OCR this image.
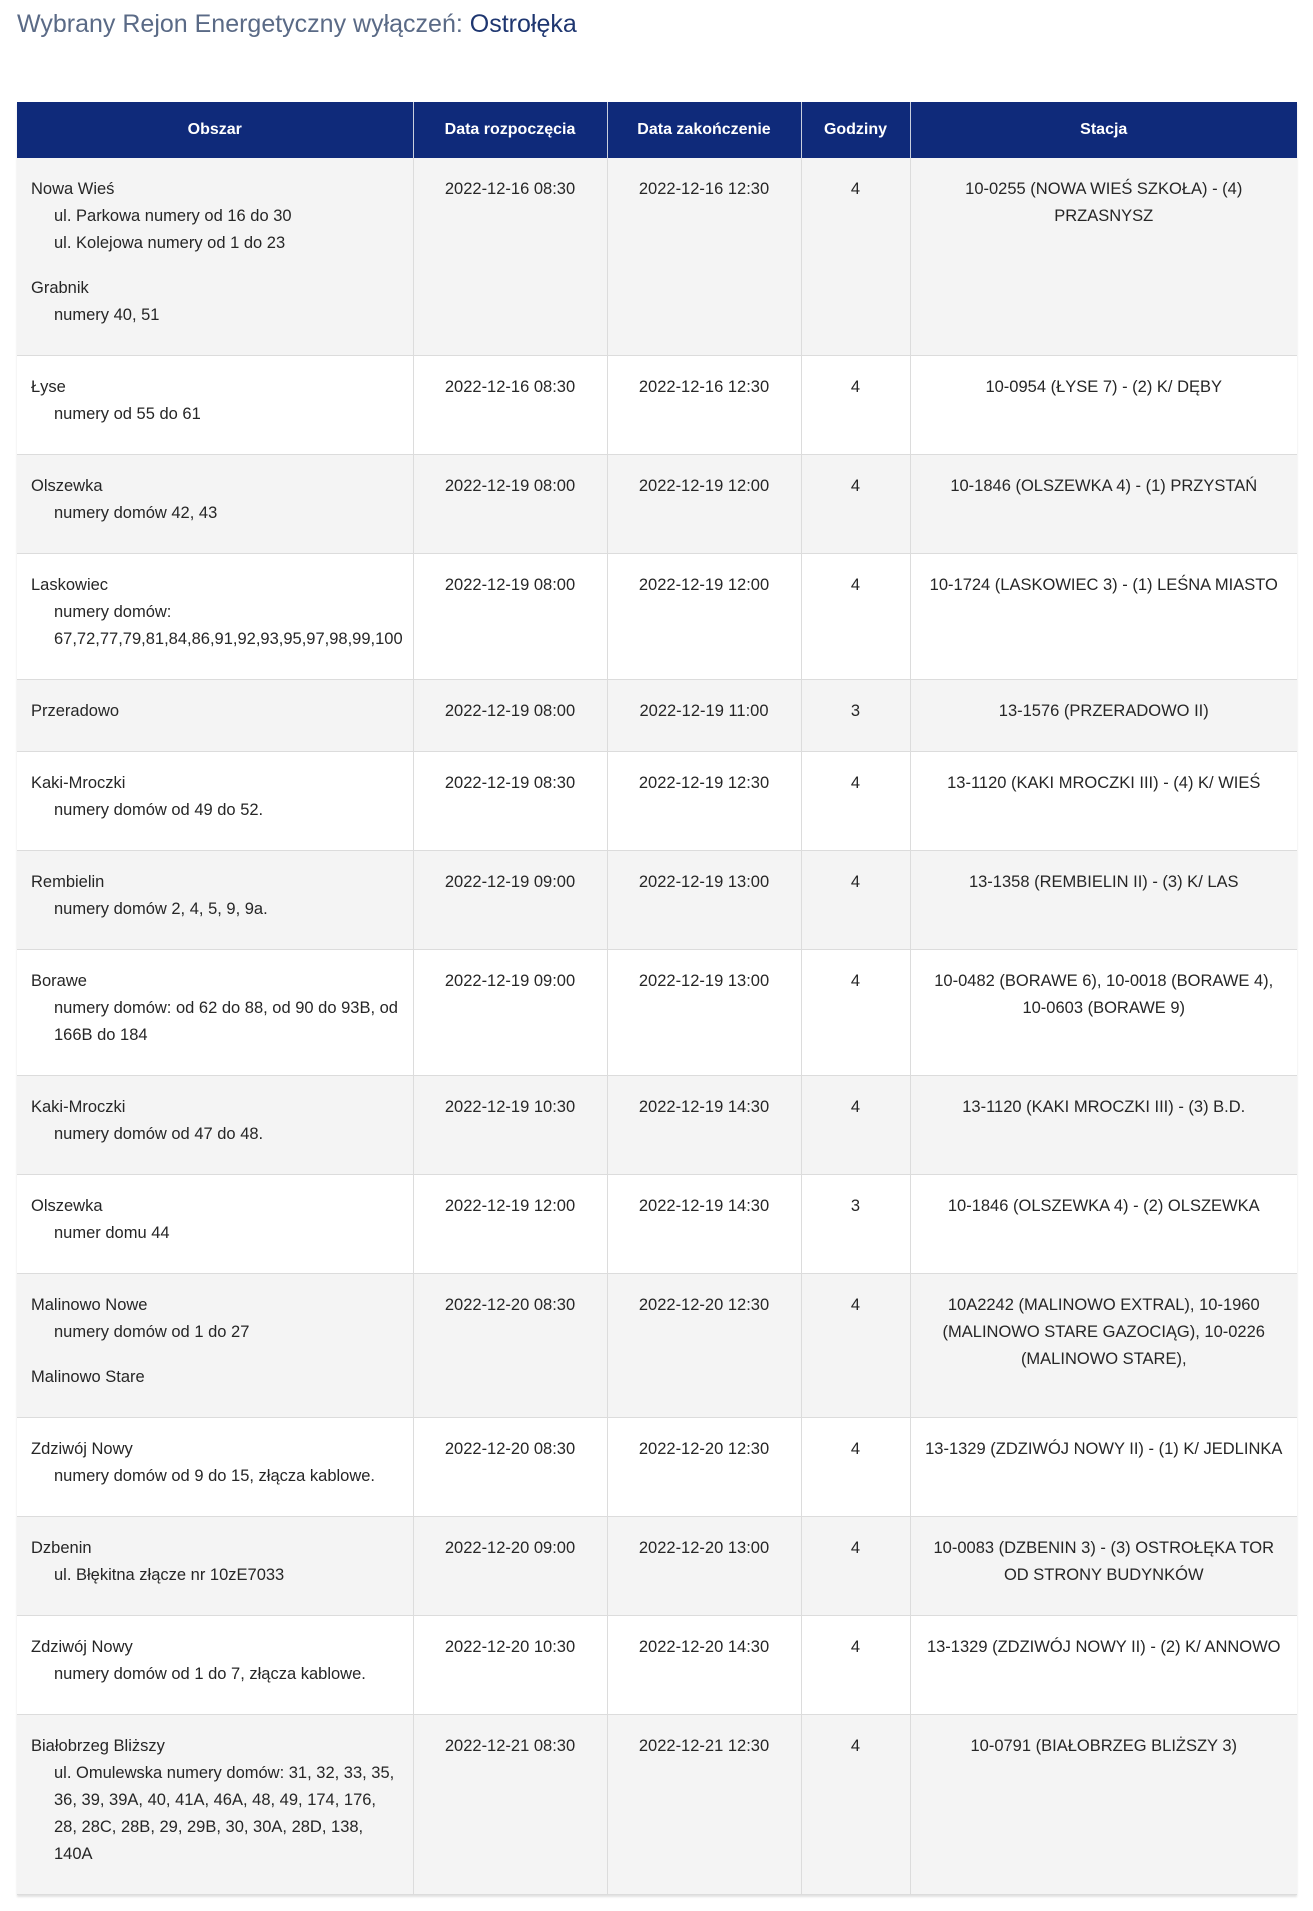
Wybrany Rejon Energetyczny wyłączeń: Ostrołęka
Obszar	Data rozpoczęcia	Data zakończenie	Godziny	Stacja

Nowa Wieś
ul. Parkowa numery od 16 do 30
ul. Kolejowa numery od 1 do 23
Grabnik
numery 40, 51	2022-12-16 08:30	2022-12-16 12:30	4	10-0255 (NOWA WIEŚ SZKOŁA) - (4) PRZASNYSZ

Łyse
numery od 55 do 61	2022-12-16 08:30	2022-12-16 12:30	4	10-0954 (ŁYSE 7) - (2) K/ DĘBY

Olszewka
numery domów 42, 43	2022-12-19 08:00	2022-12-19 12:00	4	10-1846 (OLSZEWKA 4) - (1) PRZYSTAŃ

Laskowiec
numery domów: 67,72,77,79,81,84,86,91,92,93,95,97,98,99,100	2022-12-19 08:00	2022-12-19 12:00	4	10-1724 (LASKOWIEC 3) - (1) LEŚNA MIASTO

Przeradowo	2022-12-19 08:00	2022-12-19 11:00	3	13-1576 (PRZERADOWO II)

Kaki-Mroczki
numery domów od 49 do 52.	2022-12-19 08:30	2022-12-19 12:30	4	13-1120 (KAKI MROCZKI III) - (4) K/ WIEŚ

Rembielin
numery domów 2, 4, 5, 9, 9a.	2022-12-19 09:00	2022-12-19 13:00	4	13-1358 (REMBIELIN II) - (3) K/ LAS

Borawe
numery domów: od 62 do 88, od 90 do 93B, od 166B do 184	2022-12-19 09:00	2022-12-19 13:00	4	10-0482 (BORAWE 6), 10-0018 (BORAWE 4), 10-0603 (BORAWE 9)

Kaki-Mroczki
numery domów od 47 do 48.	2022-12-19 10:30	2022-12-19 14:30	4	13-1120 (KAKI MROCZKI III) - (3) B.D.

Olszewka
numer domu 44	2022-12-19 12:00	2022-12-19 14:30	3	10-1846 (OLSZEWKA 4) - (2) OLSZEWKA

Malinowo Nowe
numery domów od 1 do 27
Malinowo Stare	2022-12-20 08:30	2022-12-20 12:30	4	10A2242 (MALINOWO EXTRAL), 10-1960 (MALINOWO STARE GAZOCIĄG), 10-0226 (MALINOWO STARE),

Zdziwój Nowy
numery domów od 9 do 15, złącza kablowe.	2022-12-20 08:30	2022-12-20 12:30	4	13-1329 (ZDZIWÓJ NOWY II) - (1) K/ JEDLINKA

Dzbenin
ul. Błękitna złącze nr 10zE7033	2022-12-20 09:00	2022-12-20 13:00	4	10-0083 (DZBENIN 3) - (3) OSTROŁĘKA TOR OD STRONY BUDYNKÓW

Zdziwój Nowy
numery domów od 1 do 7, złącza kablowe.	2022-12-20 10:30	2022-12-20 14:30	4	13-1329 (ZDZIWÓJ NOWY II) - (2) K/ ANNOWO

Białobrzeg Bliższy
ul. Omulewska numery domów: 31, 32, 33, 35, 36, 39, 39A, 40, 41A, 46A, 48, 49, 174, 176, 28, 28C, 28B, 29, 29B, 30, 30A, 28D, 138, 140A	2022-12-21 08:30	2022-12-21 12:30	4	10-0791 (BIAŁOBRZEG BLIŻSZY 3)
